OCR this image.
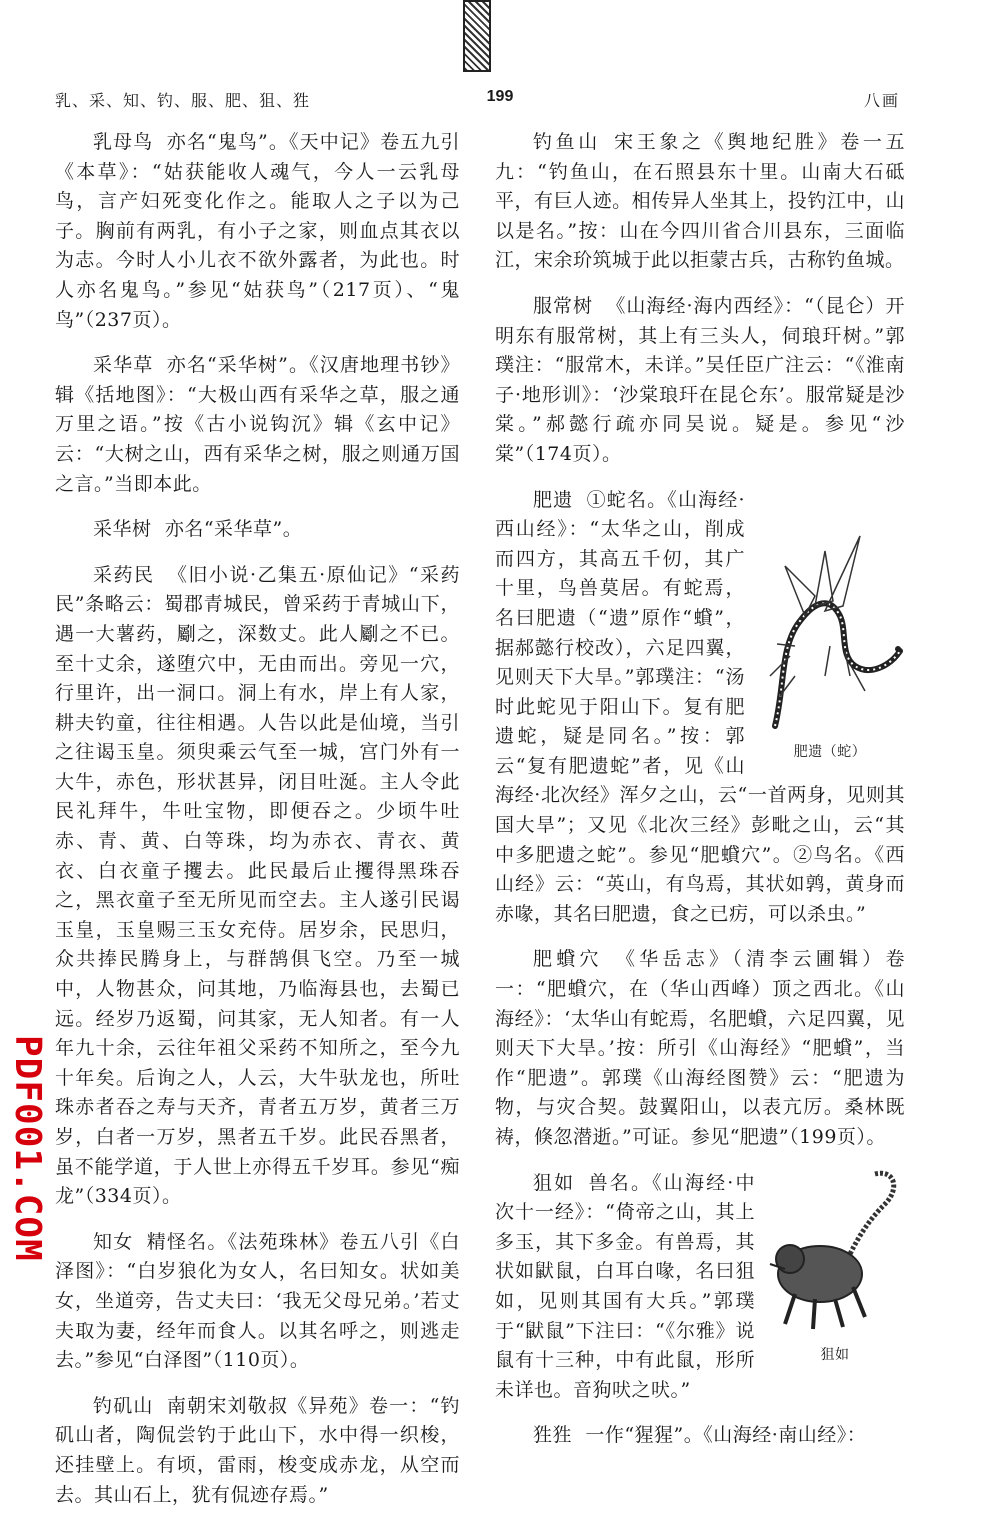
乳、采、知、钓、服、肥、狙、狌	199	八画

乳母鸟 亦名“鬼鸟”。《天中记》卷五九引《本草》：“姑获能收人魂气，今人一云乳母鸟，言产妇死变化作之。能取人之子以为己子。胸前有两乳，有小子之家，则血点其衣以为志。今时人小儿衣不欲外露者，为此也。时人亦名鬼鸟。”参见“姑获鸟”（217页）、“鬼鸟”（237页）。

采华草 亦名“采华树”。《汉唐地理书钞》辑《括地图》：“大极山西有采华之草，服之通万里之语。”按《古小说钩沉》辑《玄中记》云：“大树之山，西有采华之树，服之则通万国之言。”当即本此。

采华树 亦名“采华草”。

采药民 《旧小说·乙集五·原仙记》“采药民”条略云：蜀郡青城民，曾采药于青城山下，遇一大薯药，劚之，深数丈。此人劚之不已。至十丈余，遂堕穴中，无由而出。旁见一穴，行里许，出一洞口。洞上有水，岸上有人家，耕夫钓童，往往相遇。人告以此是仙境，当引之往谒玉皇。须臾乘云气至一城，宫门外有一大牛，赤色，形状甚异，闭目吐涎。主人令此民礼拜牛，牛吐宝物，即便吞之。少顷牛吐赤、青、黄、白等珠，均为赤衣、青衣、黄衣、白衣童子攫去。此民最后止攫得黑珠吞之，黑衣童子至无所见而空去。主人遂引民谒玉皇，玉皇赐三玉女充侍。居岁余，民思归，众共捧民腾身上，与群鹄俱飞空。乃至一城中，人物甚众，问其地，乃临海县也，去蜀已远。经岁乃返蜀，问其家，无人知者。有一人年九十余，云往年祖父采药不知所之，至今九十年矣。后询之人，人云，大牛驮龙也，所吐珠赤者吞之寿与天齐，青者五万岁，黄者三万岁，白者一万岁，黑者五千岁。此民吞黑者，虽不能学道，于人世上亦得五千岁耳。参见“痴龙”（334页）。

知女 精怪名。《法苑珠林》卷五八引《白泽图》：“白岁狼化为女人，名曰知女。状如美女，坐道旁，告丈夫曰：‘我无父母兄弟。’若丈夫取为妻，经年而食人。以其名呼之，则逃走去。”参见“白泽图”（110页）。

钓矶山 南朝宋刘敬叔《异苑》卷一：“钓矶山者，陶侃尝钓于此山下，水中得一织梭，还挂壁上。有顷，雷雨，梭变成赤龙，从空而去。其山石上，犹有侃迹存焉。”

钓鱼山 宋王象之《舆地纪胜》卷一五九：“钓鱼山，在石照县东十里。山南大石砥平，有巨人迹。相传异人坐其上，投钓江中，山以是名。”按：山在今四川省合川县东，三面临江，宋余玠筑城于此以拒蒙古兵，古称钓鱼城。

服常树 《山海经·海内西经》：“（昆仑）开明东有服常树，其上有三头人，伺琅玕树。”郭璞注：“服常木，未详。”吴任臣广注云：“《淮南子·地形训》：‘沙棠琅玕在昆仑东’。服常疑是沙棠。”郝懿行疏亦同吴说。疑是。参见“沙棠”（174页）。

肥遗（蛇）
肥遗 ①蛇名。《山海经·西山经》：“太华之山，削成而四方，其高五千仞，其广十里，鸟兽莫居。有蛇焉，名曰肥遗（“遗”原作“蟘”，据郝懿行校改），六足四翼，见则天下大旱。”郭璞注：“汤时此蛇见于阳山下。复有肥遗蛇，疑是同名。”按：郭云“复有肥遗蛇”者，见《山海经·北次经》浑夕之山，云“一首两身，见则其国大旱”；又见《北次三经》彭毗之山，云“其中多肥遗之蛇”。参见“肥蟘穴”。②鸟名。《西山经》云：“英山，有鸟焉，其状如鹑，黄身而赤喙，其名曰肥遗，食之已疠，可以杀虫。”

肥蟘穴 《华岳志》（清李云圃辑）卷一：“肥蟘穴，在（华山西峰）顶之西北。《山海经》：‘太华山有蛇焉，名肥蟘，六足四翼，见则天下大旱。’按：所引《山海经》“肥蟘”，当作“肥遗”。郭璞《山海经图赞》云：“肥遗为物，与灾合契。鼓翼阳山，以表亢厉。桑林既祷，倏忽潜逝。”可证。参见“肥遗”（199页）。

狙如
狙如 兽名。《山海经·中次十一经》：“倚帝之山，其上多玉，其下多金。有兽焉，其状如鼣鼠，白耳白喙，名曰狙如，见则其国有大兵。”郭璞于“鼣鼠”下注曰：“《尔雅》说鼠有十三种，中有此鼠，形所未详也。音狗吠之吠。”

狌狌 一作“猩猩”。《山海经·南山经》：

PDF001.COM
